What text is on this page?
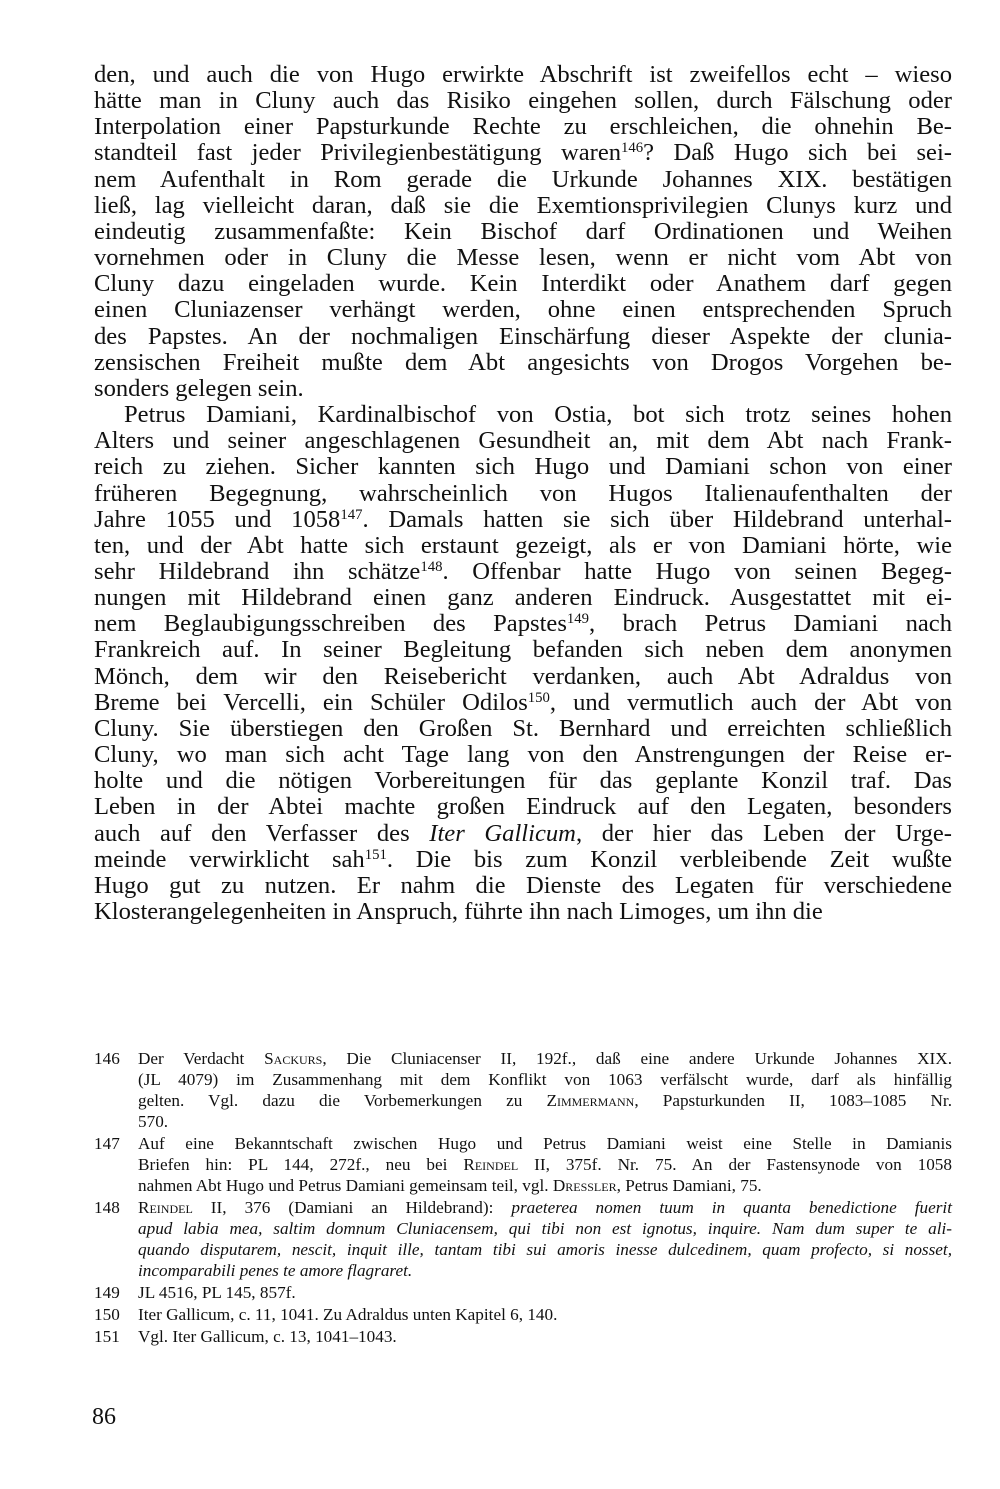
den, und auch die von Hugo erwirkte Abschrift ist zweifellos echt – wieso

hätte man in Cluny auch das Risiko eingehen sollen, durch Fälschung oder

Interpolation einer Papsturkunde Rechte zu erschleichen, die ohnehin Be-

standteil fast jeder Privilegienbestätigung waren$^{146}$? Daß Hugo sich bei sei-

nem Aufenthalt in Rom gerade die Urkunde Johannes XIX. bestätigen

ließ, lag vielleicht daran, daß sie die Exemtionsprivilegien Clunys kurz und

eindeutig zusammenfaßte: Kein Bischof darf Ordinationen und Weihen

vornehmen oder in Cluny die Messe lesen, wenn er nicht vom Abt von

Cluny dazu eingeladen wurde. Kein Interdikt oder Anathem darf gegen

einen Cluniazenser verhängt werden, ohne einen entsprechenden Spruch

des Papstes. An der nochmaligen Einschärfung dieser Aspekte der clunia-

zensischen Freiheit mußte dem Abt angesichts von Drogos Vorgehen be-

sonders gelegen sein.

Petrus Damiani, Kardinalbischof von Ostia, bot sich trotz seines hohen

Alters und seiner angeschlagenen Gesundheit an, mit dem Abt nach Frank-

reich zu ziehen. Sicher kannten sich Hugo und Damiani schon von einer

früheren Begegnung, wahrscheinlich von Hugos Italienaufenthalten der

Jahre 1055 und 1058$^{147}$. Damals hatten sie sich über Hildebrand unterhal-

ten, und der Abt hatte sich erstaunt gezeigt, als er von Damiani hörte, wie

sehr Hildebrand ihn schätze$^{148}$. Offenbar hatte Hugo von seinen Begeg-

nungen mit Hildebrand einen ganz anderen Eindruck. Ausgestattet mit ei-

nem Beglaubigungsschreiben des Papstes$^{149}$, brach Petrus Damiani nach

Frankreich auf. In seiner Begleitung befanden sich neben dem anonymen

Mönch, dem wir den Reisebericht verdanken, auch Abt Adraldus von

Breme bei Vercelli, ein Schüler Odilos$^{150}$, und vermutlich auch der Abt von

Cluny. Sie überstiegen den Großen St. Bernhard und erreichten schließlich

Cluny, wo man sich acht Tage lang von den Anstrengungen der Reise er-

holte und die nötigen Vorbereitungen für das geplante Konzil traf. Das

Leben in der Abtei machte großen Eindruck auf den Legaten, besonders

auch auf den Verfasser des Iter Gallicum, der hier das Leben der Urge-

meinde verwirklicht sah$^{151}$. Die bis zum Konzil verbleibende Zeit wußte

Hugo gut zu nutzen. Er nahm die Dienste des Legaten für verschiedene

Klosterangelegenheiten in Anspruch, führte ihn nach Limoges, um ihn die

146	Der Verdacht Sackurs, Die Cluniacenser II, 192f., daß eine andere Urkunde Johannes XIX.

(JL 4079) im Zusammenhang mit dem Konflikt von 1063 verfälscht wurde, darf als hinfällig

gelten. Vgl. dazu die Vorbemerkungen zu Zimmermann, Papsturkunden II, 1083–1085 Nr.

570.

147	Auf eine Bekanntschaft zwischen Hugo und Petrus Damiani weist eine Stelle in Damianis

Briefen hin: PL 144, 272f., neu bei Reindel II, 375f. Nr. 75. An der Fastensynode von 1058

nahmen Abt Hugo und Petrus Damiani gemeinsam teil, vgl. Dressler, Petrus Damiani, 75.

148	Reindel II, 376 (Damiani an Hildebrand): praeterea nomen tuum in quanta benedictione fuerit

apud labia mea, saltim domnum Cluniacensem, qui tibi non est ignotus, inquire. Nam dum super te ali-

quando disputarem, nescit, inquit ille, tantam tibi sui amoris inesse dulcedinem, quam profecto, si nosset,

incomparabili penes te amore flagraret.

149	JL 4516, PL 145, 857f.

150	Iter Gallicum, c. 11, 1041. Zu Adraldus unten Kapitel 6, 140.

151	Vgl. Iter Gallicum, c. 13, 1041–1043.

86
